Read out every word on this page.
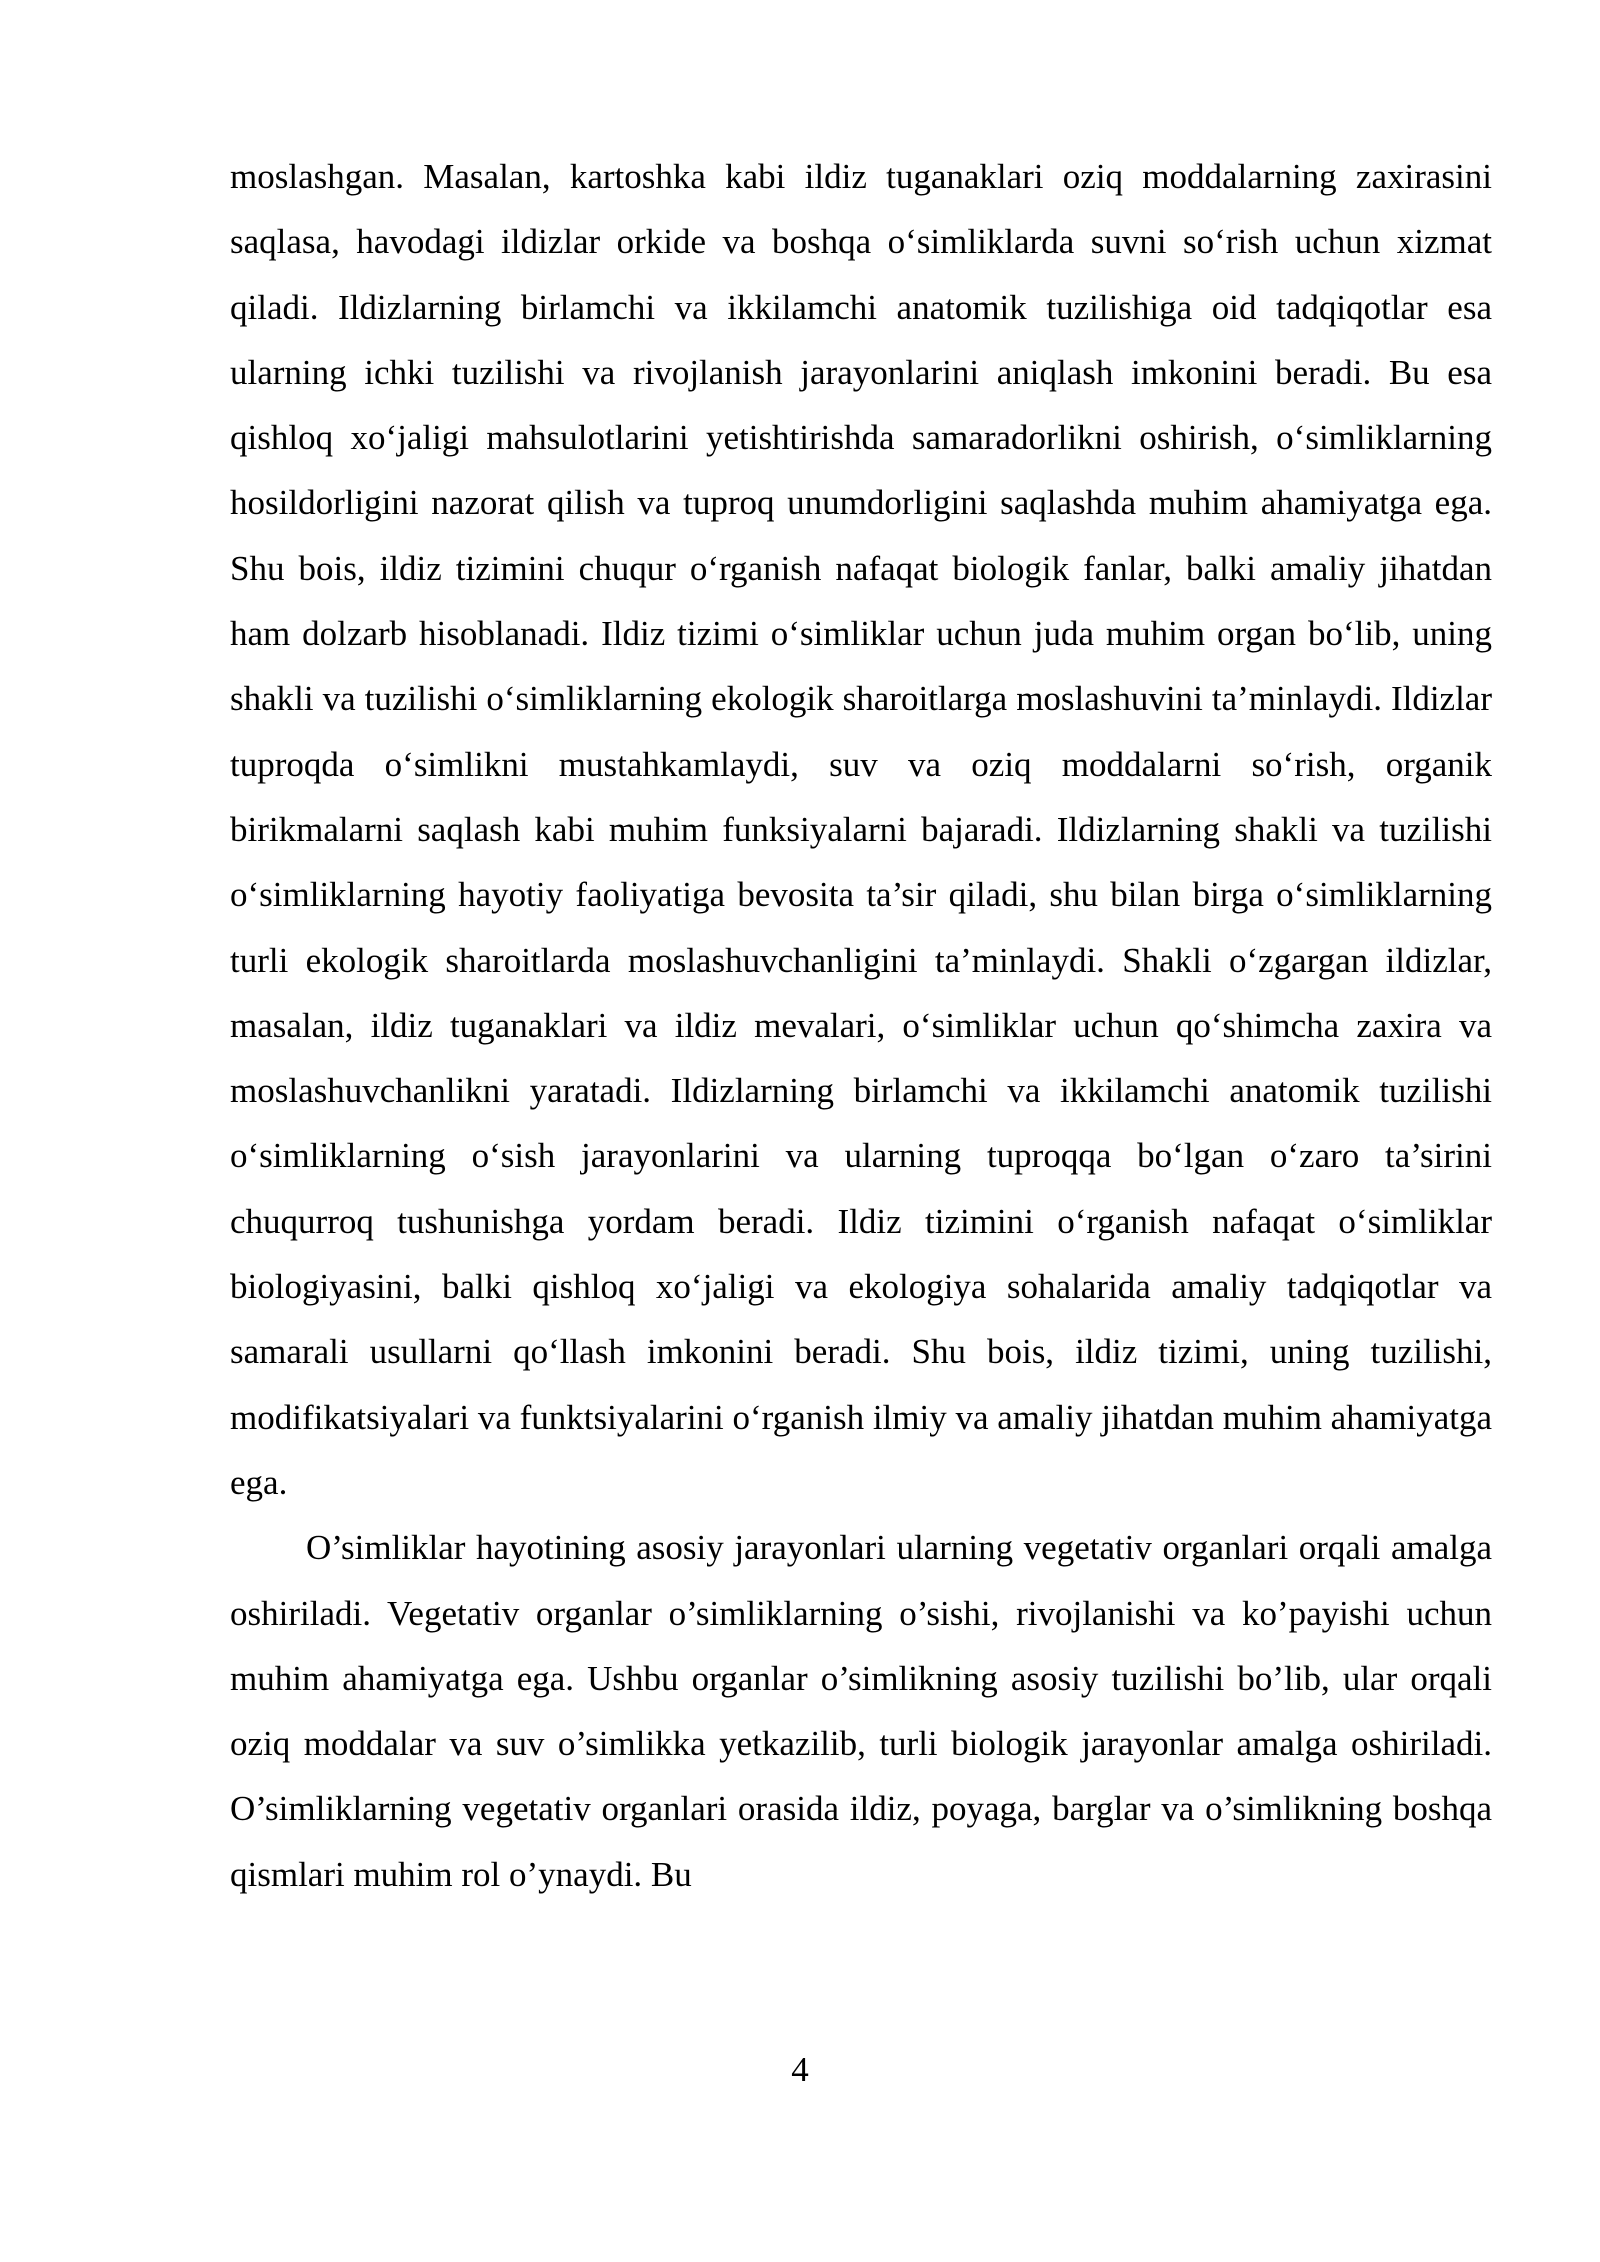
moslashgan. Masalan, kartoshka kabi ildiz tuganaklari oziq moddalarning zaxirasini saqlasa, havodagi ildizlar orkide va boshqa o‘simliklarda suvni so‘rish uchun xizmat qiladi. Ildizlarning birlamchi va ikkilamchi anatomik tuzilishiga oid tadqiqotlar esa ularning ichki tuzilishi va rivojlanish jarayonlarini aniqlash imkonini beradi. Bu esa qishloq xo‘jaligi mahsulotlarini yetishtirishda samaradorlikni oshirish, o‘simliklarning hosildorligini nazorat qilish va tuproq unumdorligini saqlashda muhim ahamiyatga ega. Shu bois, ildiz tizimini chuqur o‘rganish nafaqat biologik fanlar, balki amaliy jihatdan ham dolzarb hisoblanadi. Ildiz tizimi o‘simliklar uchun juda muhim organ bo‘lib, uning shakli va tuzilishi o‘simliklarning ekologik sharoitlarga moslashuvini ta’minlaydi. Ildizlar tuproqda o‘simlikni mustahkamlaydi, suv va oziq moddalarni so‘rish, organik birikmalarni saqlash kabi muhim funksiyalarni bajaradi. Ildizlarning shakli va tuzilishi o‘simliklarning hayotiy faoliyatiga bevosita ta’sir qiladi, shu bilan birga o‘simliklarning turli ekologik sharoitlarda moslashuvchanligini ta’minlaydi. Shakli o‘zgargan ildizlar, masalan, ildiz tuganaklari va ildiz mevalari, o‘simliklar uchun qo‘shimcha zaxira va moslashuvchanlikni yaratadi. Ildizlarning birlamchi va ikkilamchi anatomik tuzilishi o‘simliklarning o‘sish jarayonlarini va ularning tuproqqa bo‘lgan o‘zaro ta’sirini chuqurroq tushunishga yordam beradi. Ildiz tizimini o‘rganish nafaqat o‘simliklar biologiyasini, balki qishloq xo‘jaligi va ekologiya sohalarida amaliy tadqiqotlar va samarali usullarni qo‘llash imkonini beradi. Shu bois, ildiz tizimi, uning tuzilishi, modifikatsiyalari va funktsiyalarini o‘rganish ilmiy va amaliy jihatdan muhim ahamiyatga ega.

O’simliklar hayotining asosiy jarayonlari ularning vegetativ organlari orqali amalga oshiriladi. Vegetativ organlar o’simliklarning o’sishi, rivojlanishi va ko’payishi uchun muhim ahamiyatga ega. Ushbu organlar o’simlikning asosiy tuzilishi bo’lib, ular orqali oziq moddalar va suv o’simlikka yetkazilib, turli biologik jarayonlar amalga oshiriladi. O’simliklarning vegetativ organlari orasida ildiz, poyaga, barglar va o’simlikning boshqa qismlari muhim rol o’ynaydi. Bu

4
